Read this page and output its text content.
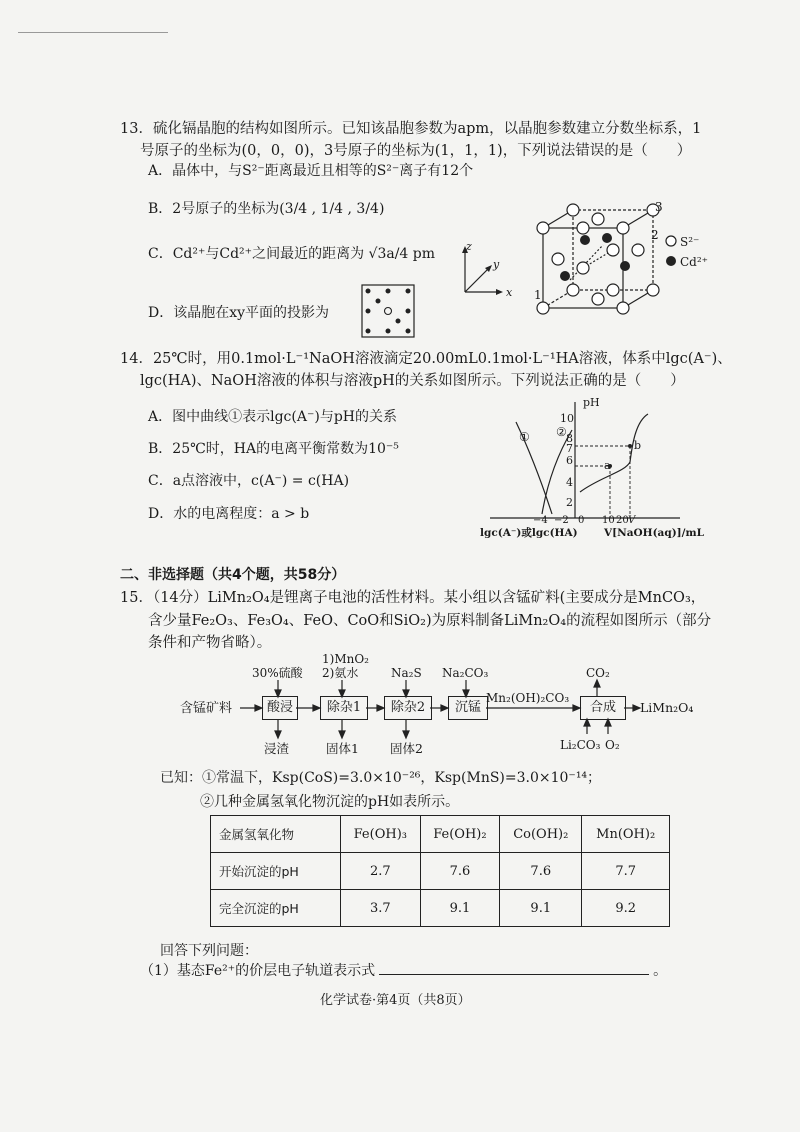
13．硫化镉晶胞的结构如图所示。已知该晶胞参数为apm，以晶胞参数建立分数坐标系，1
号原子的坐标为(0，0，0)，3号原子的坐标为(1，1，1)，下列说法错误的是（　　）
A．晶体中，与S²⁻距离最近且相等的S²⁻离子有12个
B．2号原子的坐标为(3/4 , 1/4 , 3/4)
C．Cd²⁺与Cd²⁺之间最近的距离为 √3a/4 pm
D．该晶胞在xy平面的投影为
z
y
x
3
2
1
S²⁻
Cd²⁺
14．25℃时，用0.1mol·L⁻¹NaOH溶液滴定20.00mL0.1mol·L⁻¹HA溶液，体系中lgc(A⁻)、
lgc(HA)、NaOH溶液的体积与溶液pH的关系如图所示。下列说法正确的是（　　）
A．图中曲线①表示lgc(A⁻)与pH的关系
B．25℃时，HA的电离平衡常数为10⁻⁵
C．a点溶液中，c(A⁻) = c(HA)
D．水的电离程度：a > b
pH
10
8
7
6
4
2
① ②
a
b
−4 −2 0 10 20 V
lgc(A⁻)或lgc(HA)	V[NaOH(aq)]/mL
二、非选择题（共4个题，共58分）
15．（14分）LiMn₂O₄是锂离子电池的活性材料。某小组以含锰矿料(主要成分是MnCO₃，
含少量Fe₂O₃、Fe₃O₄、FeO、CoO和SiO₂)为原料制备LiMn₂O₄的流程如图所示（部分
条件和产物省略）。
含锰矿料	酸浸	除杂1	除杂2	沉锰	合成
30%硫酸
1)MnO₂
2)氨水	Na₂S Na₂CO₃
Mn₂(OH)₂CO₃
CO₂
LiMn₂O₄
浸渣	固体1 固体2	Li₂CO₃ O₂
已知：①常温下，Ksp(CoS)=3.0×10⁻²⁶，Ksp(MnS)=3.0×10⁻¹⁴；
②几种金属氢氧化物沉淀的pH如表所示。
金属氢氧化物	Fe(OH)₃	Fe(OH)₂	Co(OH)₂	Mn(OH)₂
开始沉淀的pH	2.7	7.6	7.6	7.7
完全沉淀的pH	3.7	9.1	9.1	9.2
回答下列问题：
（1）基态Fe²⁺的价层电子轨道表示式	。
化学试卷·第4页（共8页）
